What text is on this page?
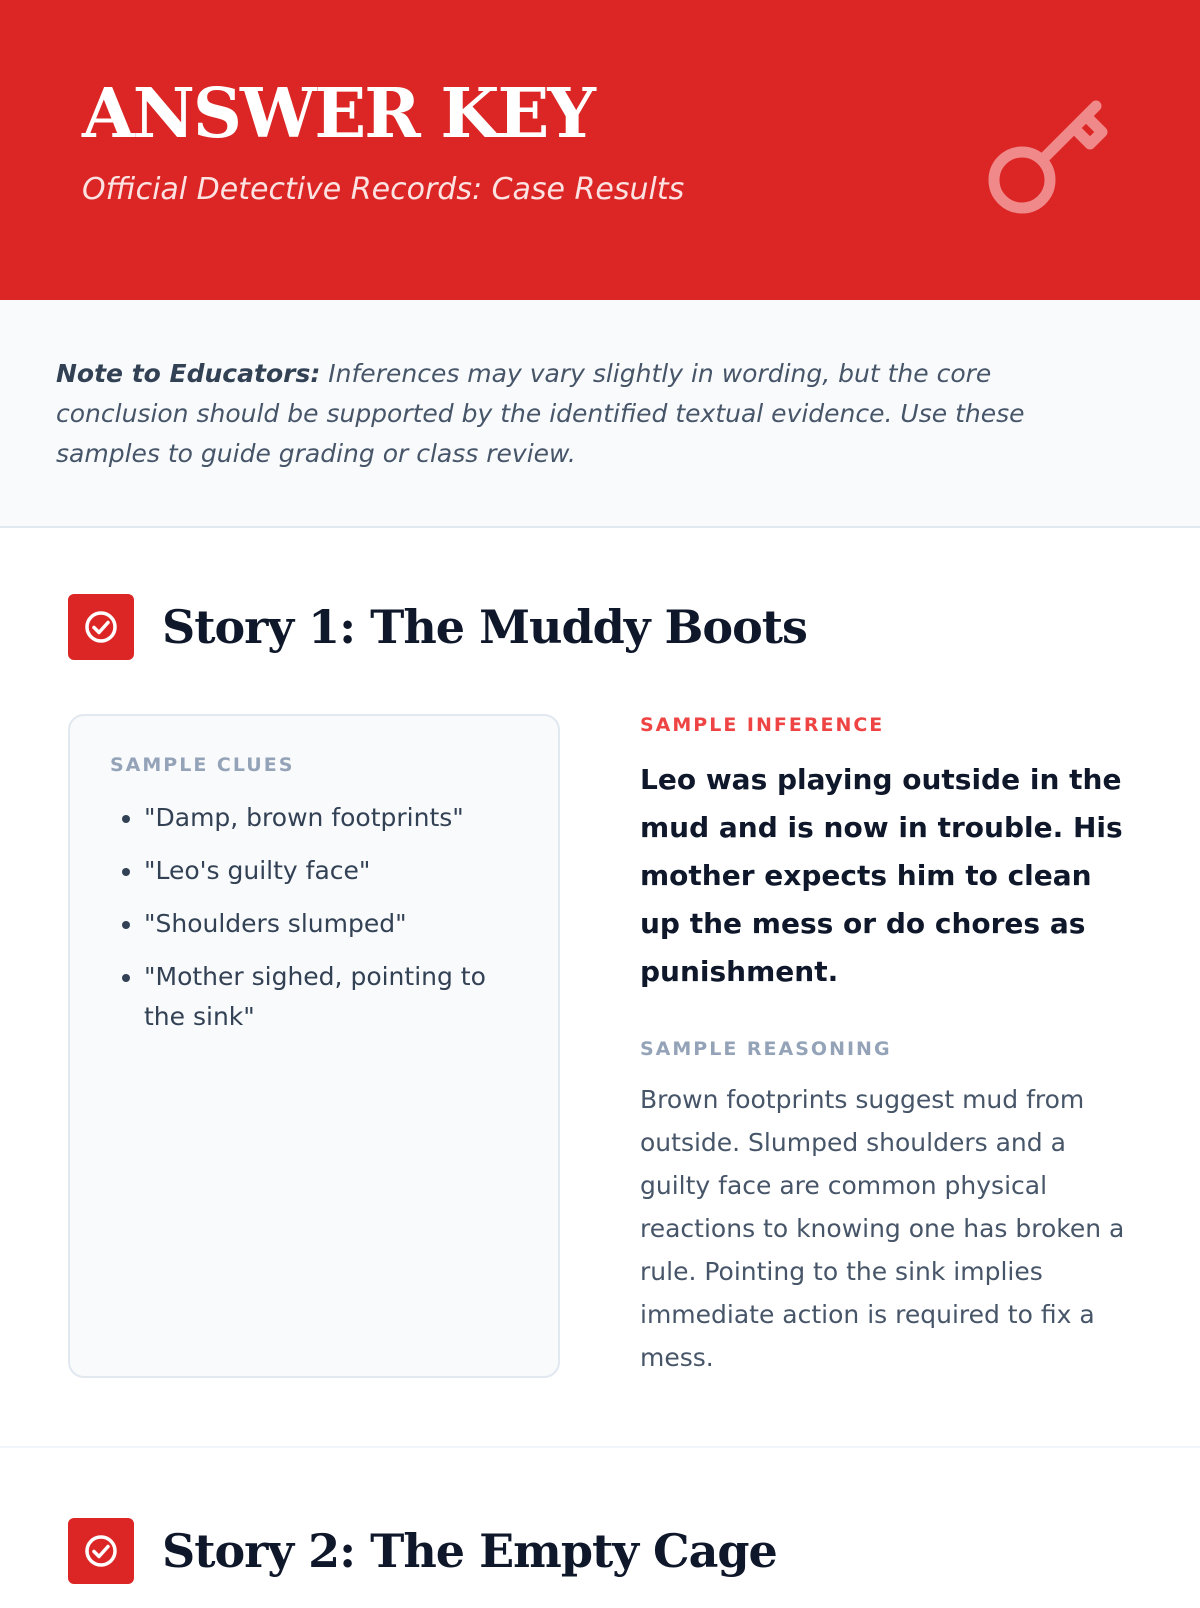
ANSWER KEY
Official Detective Records: Case Results
Note to Educators: Inferences may vary slightly in wording, but the core conclusion should be supported by the identified textual evidence. Use these samples to guide grading or class review.
Story 1: The Muddy Boots
SAMPLE CLUES
• "Damp, brown footprints"
• "Leo's guilty face"
• "Shoulders slumped"
• "Mother sighed, pointing to the sink"
SAMPLE INFERENCE
Leo was playing outside in the mud and is now in trouble. His mother expects him to clean up the mess or do chores as punishment.
SAMPLE REASONING
Brown footprints suggest mud from outside. Slumped shoulders and a guilty face are common physical reactions to knowing one has broken a rule. Pointing to the sink implies immediate action is required to fix a mess.
Story 2: The Empty Cage
